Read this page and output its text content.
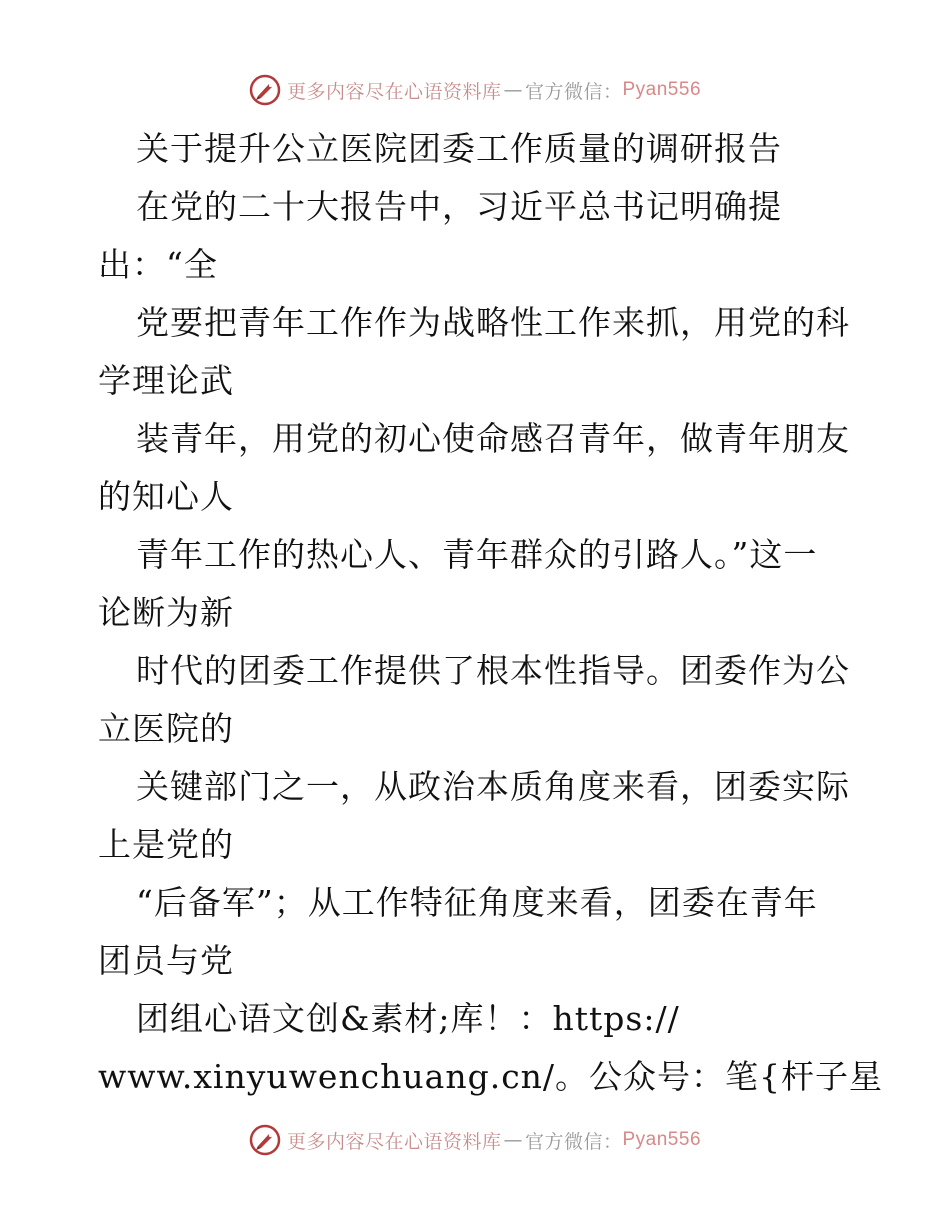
更多内容尽在心语资料库 — 官方微信： Pyan556
关于提升公立医院团委工作质量的调研报告
在党的二十大报告中，习近平总书记明确提
出：“全
党要把青年工作作为战略性工作来抓，用党的科
学理论武
装青年，用党的初心使命感召青年，做青年朋友
的知心人
青年工作的热心人、青年群众的引路人。”这一
论断为新
时代的团委工作提供了根本性指导。团委作为公
立医院的
关键部门之一，从政治本质角度来看，团委实际
上是党的
“后备军”；从工作特征角度来看，团委在青年
团员与党
团组心语文创&素材;库！：https://
www.xinyuwenchuang.cn/。公众号：笔{杆子星
更多内容尽在心语资料库 — 官方微信： Pyan556
